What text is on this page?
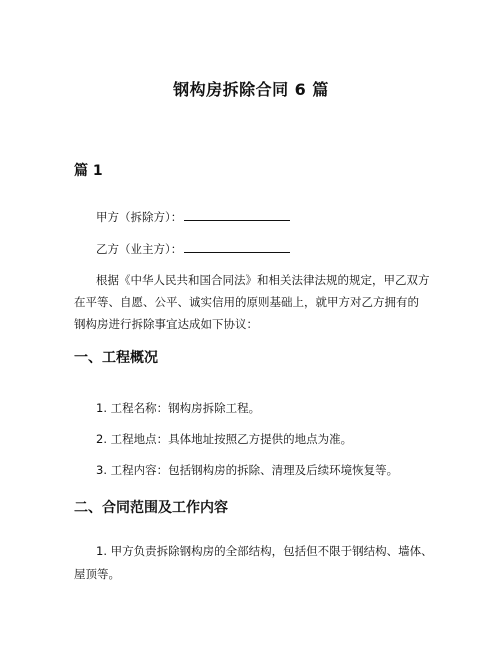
钢构房拆除合同 6 篇
篇 1
甲方（拆除方）：
乙方（业主方）：
根据《中华人民共和国合同法》和相关法律法规的规定，甲乙双方
在平等、自愿、公平、诚实信用的原则基础上，就甲方对乙方拥有的
钢构房进行拆除事宜达成如下协议：
一、工程概况
1. 工程名称：钢构房拆除工程。
2. 工程地点：具体地址按照乙方提供的地点为准。
3. 工程内容：包括钢构房的拆除、清理及后续环境恢复等。
二、合同范围及工作内容
1. 甲方负责拆除钢构房的全部结构，包括但不限于钢结构、墙体、
屋顶等。
